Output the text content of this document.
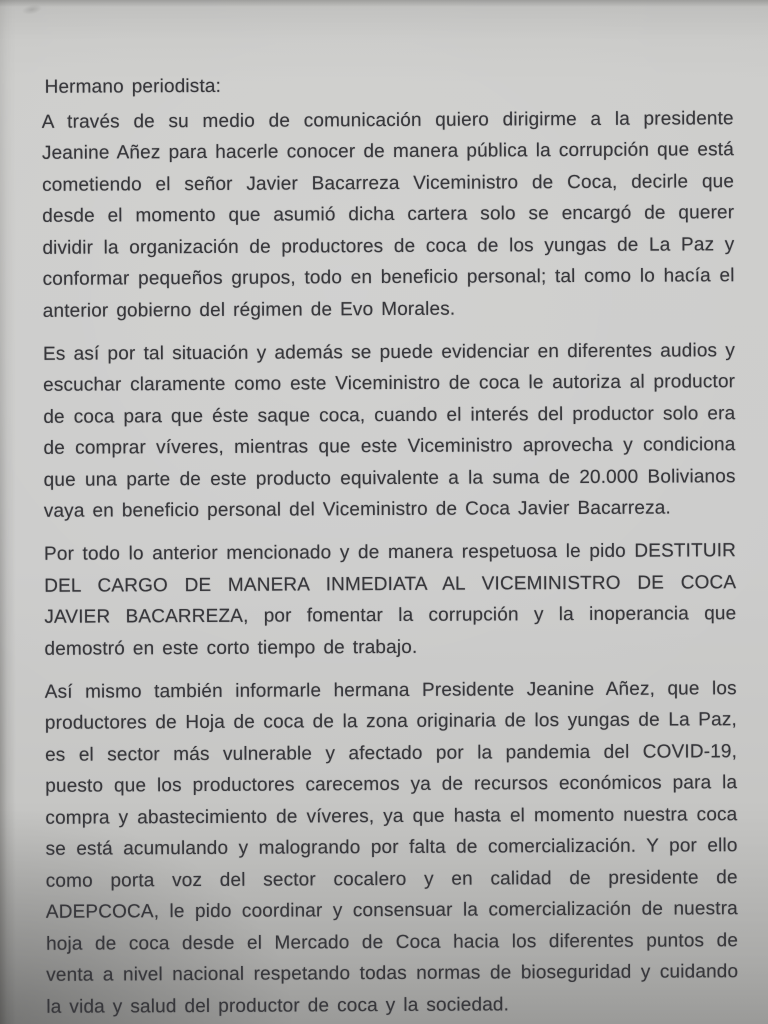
Hermano periodista:

A través de su medio de comunicación quiero dirigirme a la presidente Jeanine Añez para hacerle conocer de manera pública la corrupción que está cometiendo el señor Javier Bacarreza Viceministro de Coca, decirle que desde el momento que asumió dicha cartera solo se encargó de querer dividir la organización de productores de coca de los yungas de La Paz y conformar pequeños grupos, todo en beneficio personal; tal como lo hacía el anterior gobierno del régimen de Evo Morales.

Es así por tal situación y además se puede evidenciar en diferentes audios y escuchar claramente como este Viceministro de coca le autoriza al productor de coca para que éste saque coca, cuando el interés del productor solo era de comprar víveres, mientras que este Viceministro aprovecha y condiciona que una parte de este producto equivalente a la suma de 20.000 Bolivianos vaya en beneficio personal del Viceministro de Coca Javier Bacarreza.

Por todo lo anterior mencionado y de manera respetuosa le pido DESTITUIR DEL CARGO DE MANERA INMEDIATA AL VICEMINISTRO DE COCA JAVIER BACARREZA, por fomentar la corrupción y la inoperancia que demostró en este corto tiempo de trabajo.

Así mismo también informarle hermana Presidente Jeanine Añez, que los productores de Hoja de coca de la zona originaria de los yungas de La Paz, es el sector más vulnerable y afectado por la pandemia del COVID-19, puesto que los productores carecemos ya de recursos económicos para la compra y abastecimiento de víveres, ya que hasta el momento nuestra coca se está acumulando y malogrando por falta de comercialización. Y por ello como porta voz del sector cocalero y en calidad de presidente de ADEPCOCA, le pido coordinar y consensuar la comercialización de nuestra hoja de coca desde el Mercado de Coca hacia los diferentes puntos de venta a nivel nacional respetando todas normas de bioseguridad y cuidando la vida y salud del productor de coca y la sociedad.
